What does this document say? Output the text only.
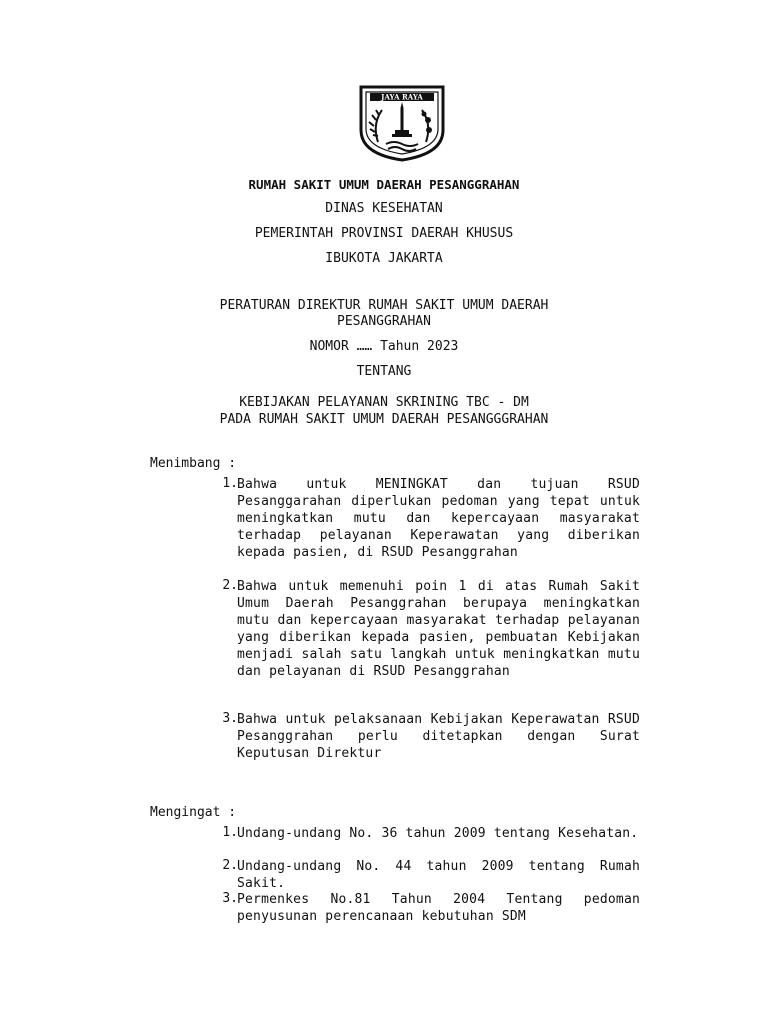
JAYA RAYA
RUMAH SAKIT UMUM DAERAH PESANGGRAHAN
DINAS KESEHATAN
PEMERINTAH PROVINSI DAERAH KHUSUS
IBUKOTA JAKARTA
PERATURAN DIREKTUR RUMAH SAKIT UMUM DAERAH
PESANGGRAHAN
NOMOR …… Tahun 2023
TENTANG
KEBIJAKAN PELAYANAN SKRINING TBC - DM
PADA RUMAH SAKIT UMUM DAERAH PESANGGGRAHAN
Menimbang :
1. Bahwa untuk MENINGKAT dan tujuan RSUD Pesanggarahan diperlukan pedoman yang tepat untuk meningkatkan mutu dan kepercayaan masyarakat terhadap pelayanan Keperawatan yang diberikan kepada pasien, di RSUD Pesanggrahan
2. Bahwa untuk memenuhi poin 1 di atas Rumah Sakit Umum Daerah Pesanggrahan berupaya meningkatkan mutu dan kepercayaan masyarakat terhadap pelayanan yang diberikan kepada pasien, pembuatan Kebijakan menjadi salah satu langkah untuk meningkatkan mutu dan pelayanan di RSUD Pesanggrahan
3. Bahwa untuk pelaksanaan Kebijakan Keperawatan RSUD Pesanggrahan perlu ditetapkan dengan Surat Keputusan Direktur
Mengingat :
1. Undang-undang No. 36 tahun 2009 tentang Kesehatan.
2. Undang-undang No. 44 tahun 2009 tentang Rumah Sakit.
3. Permenkes No.81 Tahun 2004 Tentang pedoman penyusunan perencanaan kebutuhan SDM
